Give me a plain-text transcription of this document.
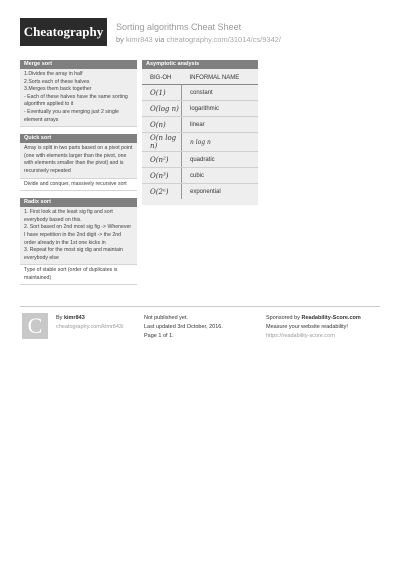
Cheatography	Sorting algorithms Cheat Sheet
by kimr843 via cheatography.com/31014/cs/9342/
Merge sort
1.Divides the array in half
2.Sorts each of these halves
3.Merges them back together
- Each of these halves have the same sorting
algorithm applied to it
- Eventually you are merging just 2 single
element arrays
Quick sort
Array is split in two parts based on a pivot point
(one with elements larger than the pivot, one
with elements smaller than the pivot) and is
recursively repeated
Divide and conquer, massively recursive sort
Radix sort
1. First look at the least sig fig and sort
everybody based on this.
2. Sort based on 2nd most sig fig -> Whenever
I have repetition in the 2nd digit -> the 2nd
order already in the 1st one kicks in
3. Repeat for the most sig dig and maintain
everybody else
Type of stable sort (order of duplicates is
maintained)
Asymptotic analysis
BIG-OH	INFORMAL NAME
O(1)	constant
O(log n)	logarithmic
O(n)	linear
O(n log n)	n log n
O(n²)	quadratic
O(n³)	cubic
O(2ⁿ)	exponential
C	By kimr843
cheatography.com/kimr843/
Not published yet.
Last updated 3rd October, 2016.
Page 1 of 1.
Sponsored by Readability-Score.com
Measure your website readability!
https://readability-score.com
